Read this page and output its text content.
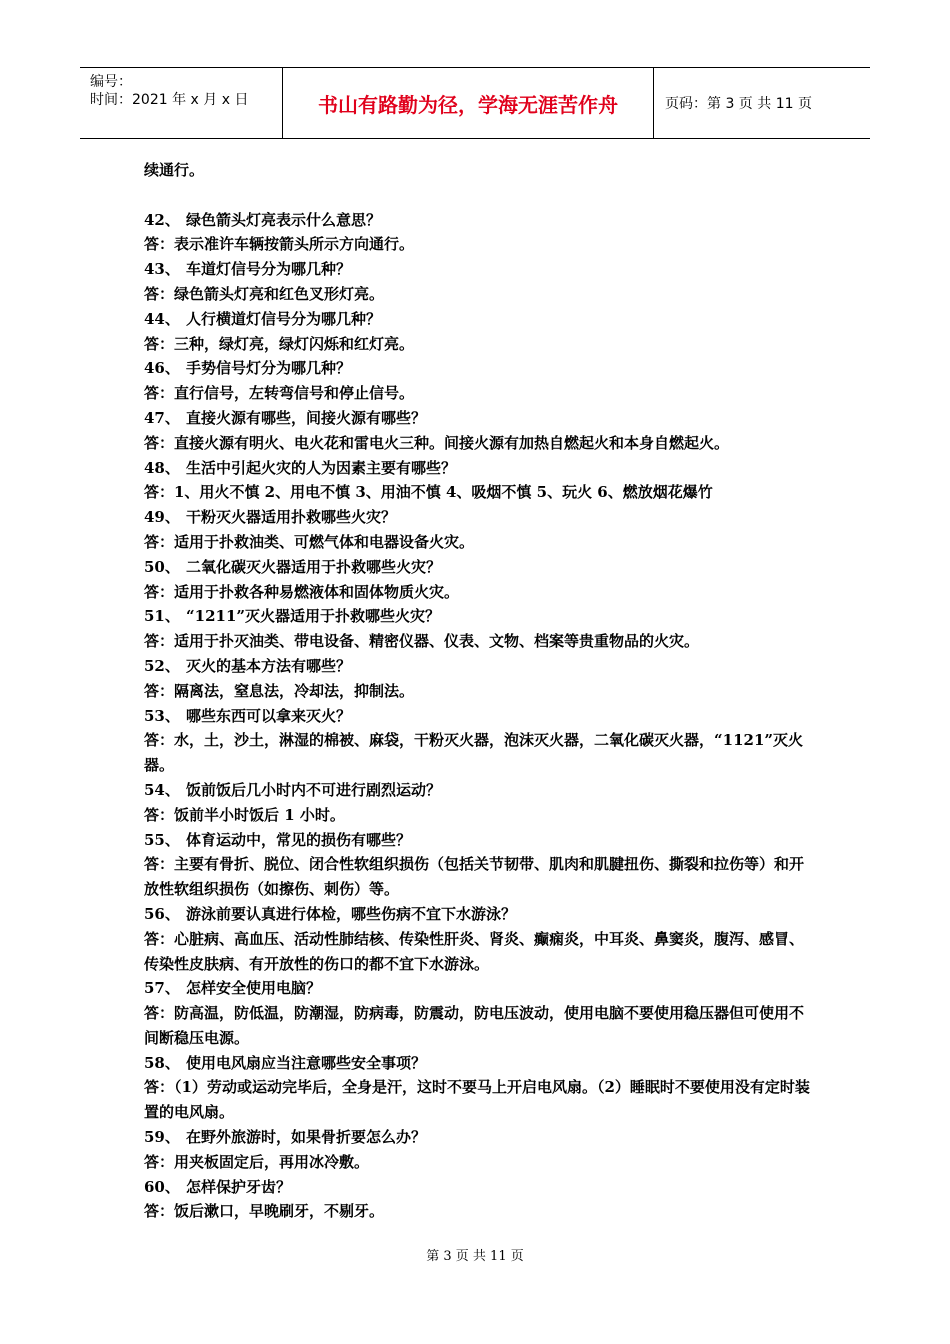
编号：
时间：2021 年 x 月 x 日	书山有路勤为径，学海无涯苦作舟	页码：第 3 页 共 11 页

续通行。

42、 绿色箭头灯亮表示什么意思？

答：表示准许车辆按箭头所示方向通行。

43、 车道灯信号分为哪几种？

答：绿色箭头灯亮和红色叉形灯亮。

44、 人行横道灯信号分为哪几种？

答：三种，绿灯亮，绿灯闪烁和红灯亮。

46、 手势信号灯分为哪几种？

答：直行信号，左转弯信号和停止信号。

47、 直接火源有哪些，间接火源有哪些？

答：直接火源有明火、电火花和雷电火三种。间接火源有加热自燃起火和本身自燃起火。

48、 生活中引起火灾的人为因素主要有哪些？

答：1、用火不慎 2、用电不慎 3、用油不慎 4、吸烟不慎 5、玩火 6、燃放烟花爆竹

49、 干粉灭火器适用扑救哪些火灾？

答：适用于扑救油类、可燃气体和电器设备火灾。

50、 二氧化碳灭火器适用于扑救哪些火灾？

答：适用于扑救各种易燃液体和固体物质火灾。

51、 “1211”灭火器适用于扑救哪些火灾？

答：适用于扑灭油类、带电设备、精密仪器、仪表、文物、档案等贵重物品的火灾。

52、 灭火的基本方法有哪些？

答：隔离法，窒息法，冷却法，抑制法。

53、 哪些东西可以拿来灭火？

答：水，土，沙土，淋湿的棉被、麻袋，干粉灭火器，泡沫灭火器，二氧化碳灭火器，“1121”灭火器。

54、 饭前饭后几小时内不可进行剧烈运动？

答：饭前半小时饭后 1 小时。

55、 体育运动中，常见的损伤有哪些？

答：主要有骨折、脱位、闭合性软组织损伤（包括关节韧带、肌肉和肌腱扭伤、撕裂和拉伤等）和开放性软组织损伤（如擦伤、刺伤）等。

56、 游泳前要认真进行体检，哪些伤病不宜下水游泳？

答：心脏病、高血压、活动性肺结核、传染性肝炎、肾炎、癫痫炎，中耳炎、鼻窦炎，腹泻、感冒、传染性皮肤病、有开放性的伤口的都不宜下水游泳。

57、 怎样安全使用电脑？

答：防高温，防低温，防潮湿，防病毒，防震动，防电压波动，使用电脑不要使用稳压器但可使用不间断稳压电源。

58、 使用电风扇应当注意哪些安全事项？

答：（1）劳动或运动完毕后，全身是汗，这时不要马上开启电风扇。（2）睡眠时不要使用没有定时装置的电风扇。

59、 在野外旅游时，如果骨折要怎么办？

答：用夹板固定后，再用冰冷敷。

60、 怎样保护牙齿？

答：饭后漱口，早晚刷牙，不剔牙。

第 3 页 共 11 页
